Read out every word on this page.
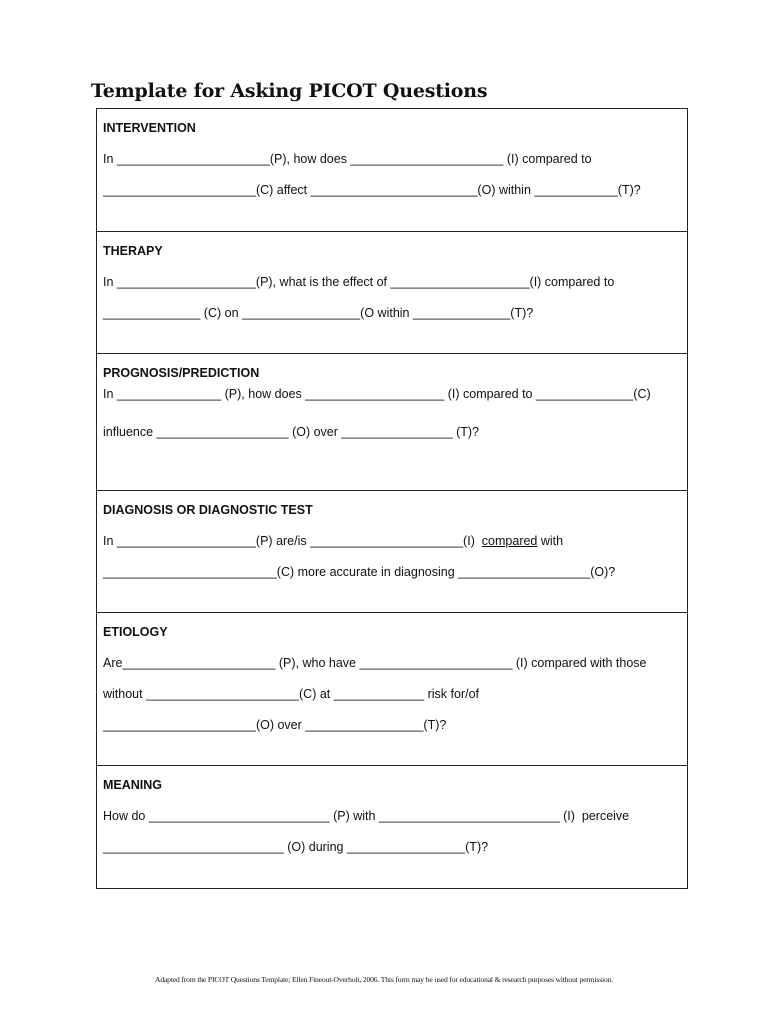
Template for Asking PICOT Questions
INTERVENTION
In ______________________(P), how does ______________________ (I) compared to
______________________(C) affect ________________________(O) within ____________(T)?
THERAPY
In ____________________(P), what is the effect of ____________________(I) compared to
______________ (C) on _________________(O within ______________(T)?
PROGNOSIS/PREDICTION
In _______________ (P), how does ____________________ (I) compared to ______________(C)
influence ___________________ (O) over ________________ (T)?
DIAGNOSIS OR DIAGNOSTIC TEST
In ____________________(P) are/is ______________________(I)  compared with
_________________________(C) more accurate in diagnosing ___________________(O)?
ETIOLOGY
Are______________________ (P), who have ______________________ (I) compared with those
without ______________________(C) at _____________ risk for/of
______________________(O) over _________________(T)?
MEANING
How do __________________________ (P) with __________________________ (I)  perceive
__________________________ (O) during _________________(T)?
Adapted from the PICOT Questions Template; Ellen Fineout-Overholt, 2006. This form may be used for educational & research purposes without permission.
